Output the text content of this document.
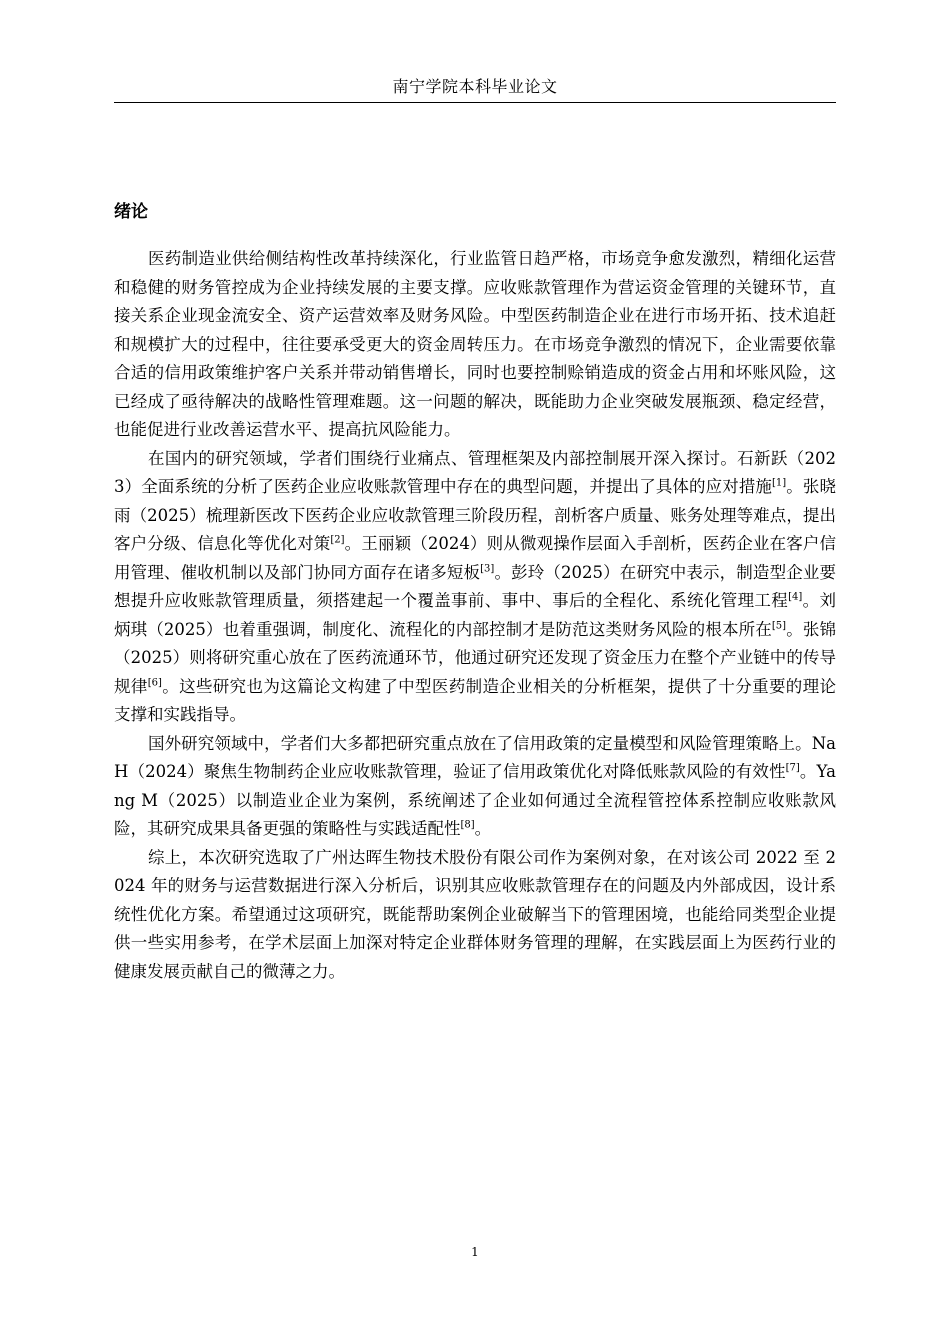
南宁学院本科毕业论文
绪论

医药制造业供给侧结构性改革持续深化，行业监管日趋严格，市场竞争愈发激烈，精细化运营和稳健的财务管控成为企业持续发展的主要支撑。应收账款管理作为营运资金管理的关键环节，直接关系企业现金流安全、资产运营效率及财务风险。中型医药制造企业在进行市场开拓、技术追赶和规模扩大的过程中，往往要承受更大的资金周转压力。在市场竞争激烈的情况下，企业需要依靠合适的信用政策维护客户关系并带动销售增长，同时也要控制赊销造成的资金占用和坏账风险，这已经成了亟待解决的战略性管理难题。这一问题的解决，既能助力企业突破发展瓶颈、稳定经营，也能促进行业改善运营水平、提高抗风险能力。

在国内的研究领域，学者们围绕行业痛点、管理框架及内部控制展开深入探讨。石新跃（2023）全面系统的分析了医药企业应收账款管理中存在的典型问题，并提出了具体的应对措施[1]。张晓雨（2025）梳理新医改下医药企业应收款管理三阶段历程，剖析客户质量、账务处理等难点，提出客户分级、信息化等优化对策[2]。王丽颖（2024）则从微观操作层面入手剖析，医药企业在客户信用管理、催收机制以及部门协同方面存在诸多短板[3]。彭玲（2025）在研究中表示，制造型企业要想提升应收账款管理质量，须搭建起一个覆盖事前、事中、事后的全程化、系统化管理工程[4]。刘炳琪（2025）也着重强调，制度化、流程化的内部控制才是防范这类财务风险的根本所在[5]。张锦（2025）则将研究重心放在了医药流通环节，他通过研究还发现了资金压力在整个产业链中的传导规律[6]。这些研究也为这篇论文构建了中型医药制造企业相关的分析框架，提供了十分重要的理论支撑和实践指导。

国外研究领域中，学者们大多都把研究重点放在了信用政策的定量模型和风险管理策略上。Na H（2024）聚焦生物制药企业应收账款管理，验证了信用政策优化对降低账款风险的有效性[7]。Yang M（2025）以制造业企业为案例，系统阐述了企业如何通过全流程管控体系控制应收账款风险，其研究成果具备更强的策略性与实践适配性[8]。

综上，本次研究选取了广州达晖生物技术股份有限公司作为案例对象，在对该公司 2022 至 2024 年的财务与运营数据进行深入分析后，识别其应收账款管理存在的问题及内外部成因，设计系统性优化方案。希望通过这项研究，既能帮助案例企业破解当下的管理困境，也能给同类型企业提供一些实用参考，在学术层面上加深对特定企业群体财务管理的理解，在实践层面上为医药行业的健康发展贡献自己的微薄之力。

1
